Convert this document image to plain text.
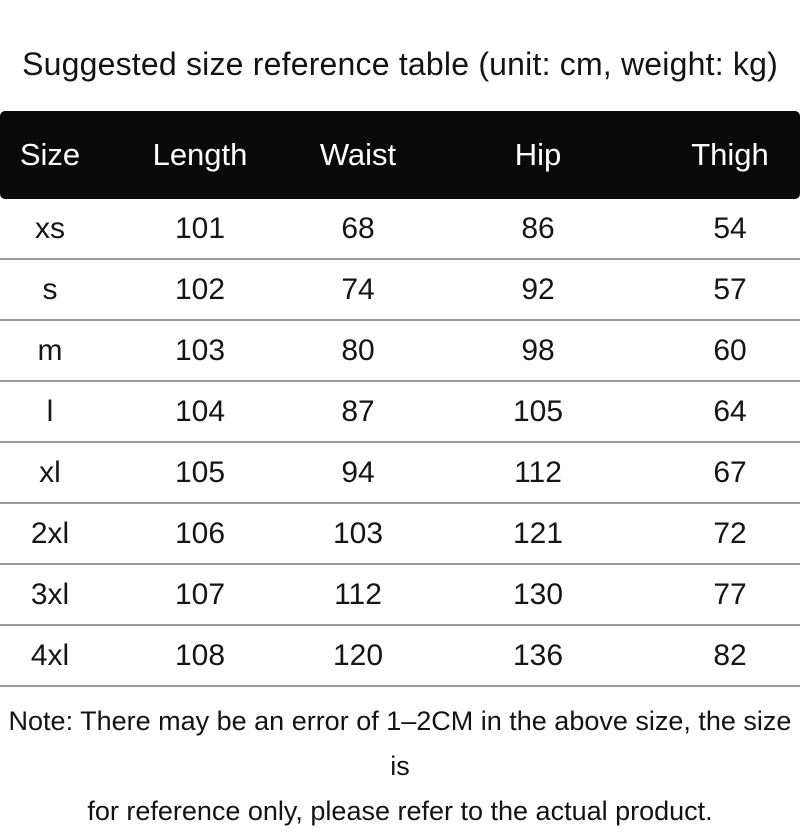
Suggested size reference table (unit: cm, weight: kg)
Size	Length	Waist	Hip	Thigh
xs	101	68	86	54
s	102	74	92	57
m	103	80	98	60
l	104	87	105	64
xl	105	94	112	67
2xl	106	103	121	72
3xl	107	112	130	77
4xl	108	120	136	82
Note: There may be an error of 1–2CM in the above size, the size is
for reference only, please refer to the actual product.
